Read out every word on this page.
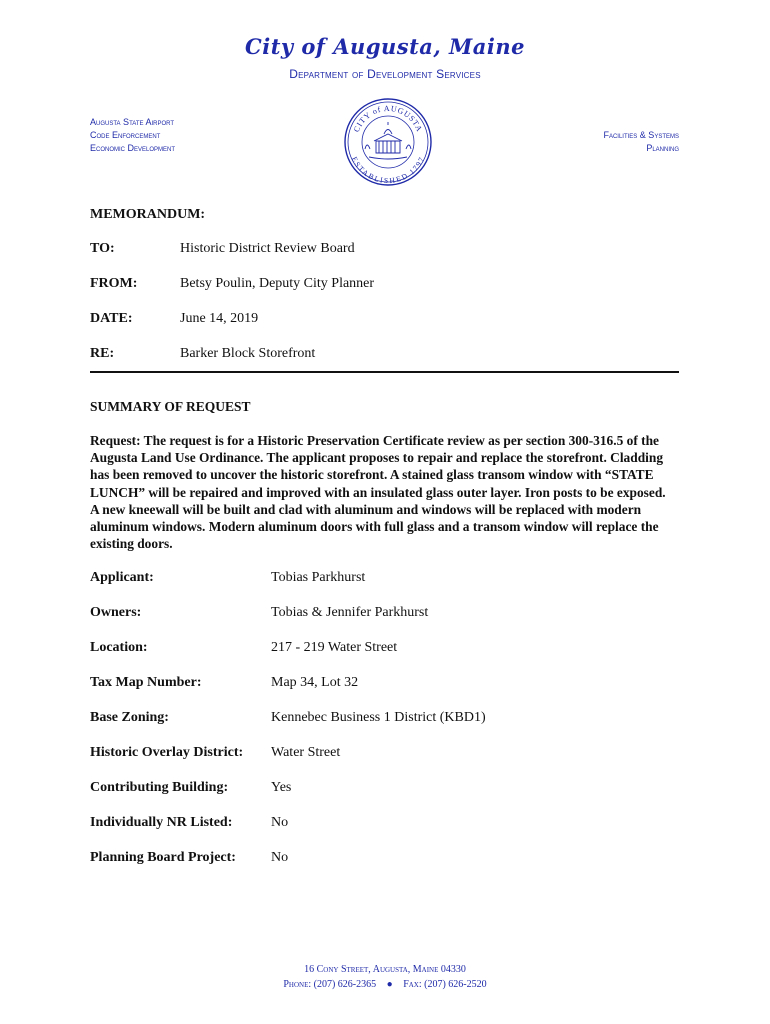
City of Augusta, Maine
Department of Development Services
Augusta State Airport
Code Enforcement
Economic Development
Facilities & Systems
Planning
CITY of AUGUSTA
ESTABLISHED 1797
MEMORANDUM:
TO:	Historic District Review Board
FROM:	Betsy Poulin, Deputy City Planner
DATE:	June 14, 2019
RE:	Barker Block Storefront
SUMMARY OF REQUEST
Request: The request is for a Historic Preservation Certificate review as per section 300-316.5 of the Augusta Land Use Ordinance. The applicant proposes to repair and replace the storefront. Cladding has been removed to uncover the historic storefront. A stained glass transom window with “STATE LUNCH” will be repaired and improved with an insulated glass outer layer. Iron posts to be exposed. A new kneewall will be built and clad with aluminum and windows will be replaced with modern aluminum windows. Modern aluminum doors with full glass and a transom window will replace the existing doors.
Applicant:	Tobias Parkhurst
Owners:	Tobias & Jennifer Parkhurst
Location:	217 - 219 Water Street
Tax Map Number:	Map 34, Lot 32
Base Zoning:	Kennebec Business 1 District (KBD1)
Historic Overlay District: Water Street
Contributing Building:	Yes
Individually NR Listed:	No
Planning Board Project:	No
16 Cony Street, Augusta, Maine 04330
Phone: (207) 626-2365 ● Fax: (207) 626-2520
